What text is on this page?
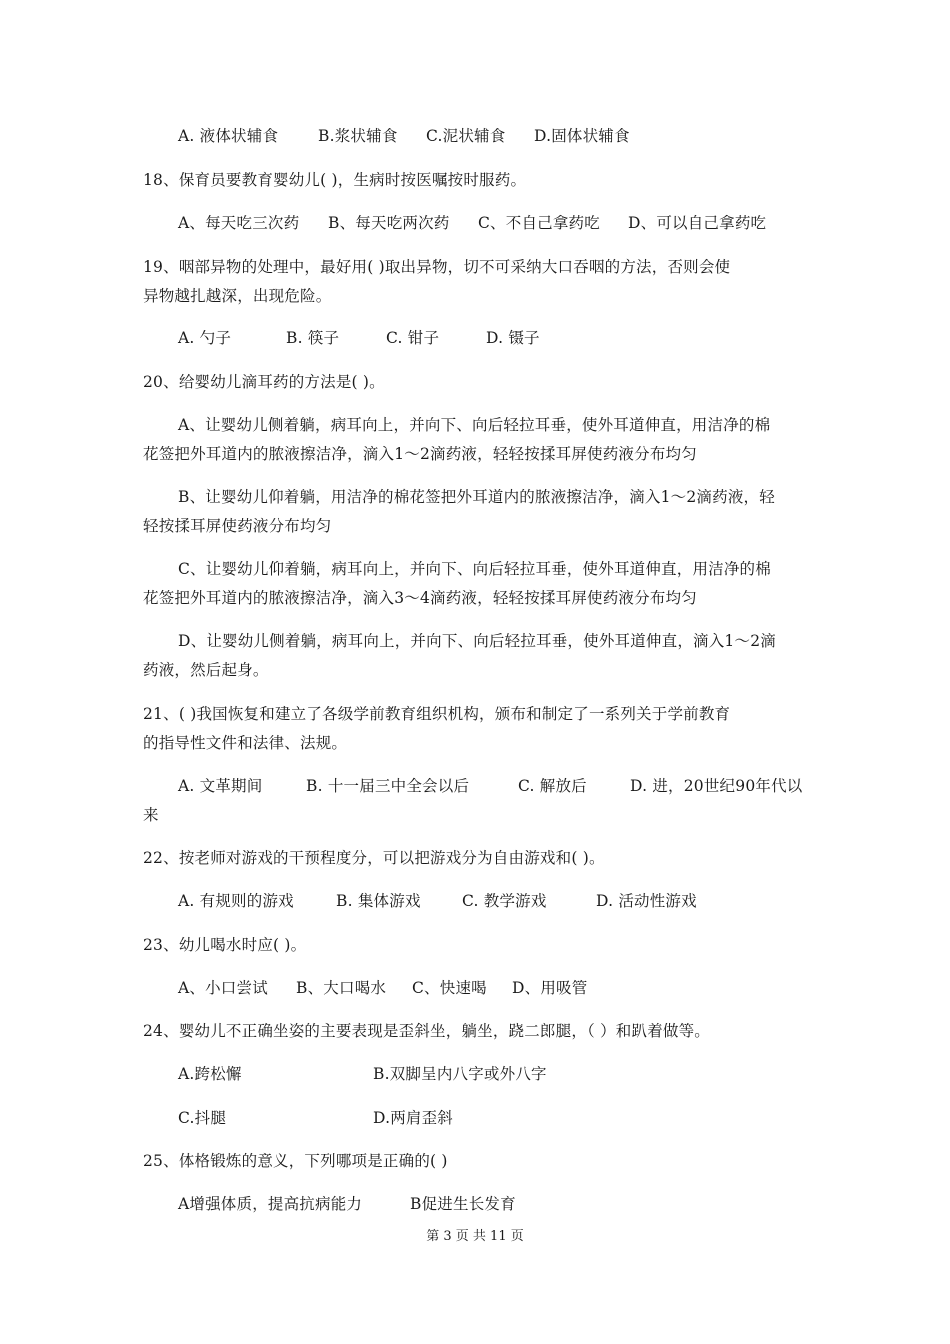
A. 液体状辅食	B.浆状辅食 C.泥状辅食 D.固体状辅食
18、保育员要教育婴幼儿( )，生病时按医嘱按时服药。
A、每天吃三次药 B、每天吃两次药 C、不自己拿药吃 D、可以自己拿药吃
19、咽部异物的处理中，最好用( )取出异物，切不可采纳大口吞咽的方法，否则会使
异物越扎越深，出现危险。
A. 勺子	B. 筷子	C. 钳子	D. 镊子
20、给婴幼儿滴耳药的方法是( )。
A、让婴幼儿侧着躺，病耳向上，并向下、向后轻拉耳垂，使外耳道伸直，用洁净的棉
花签把外耳道内的脓液擦洁净，滴入1～2滴药液，轻轻按揉耳屏使药液分布均匀
B、让婴幼儿仰着躺，用洁净的棉花签把外耳道内的脓液擦洁净，滴入1～2滴药液，轻
轻按揉耳屏使药液分布均匀
C、让婴幼儿仰着躺，病耳向上，并向下、向后轻拉耳垂，使外耳道伸直，用洁净的棉
花签把外耳道内的脓液擦洁净，滴入3～4滴药液，轻轻按揉耳屏使药液分布均匀
D、让婴幼儿侧着躺，病耳向上，并向下、向后轻拉耳垂，使外耳道伸直，滴入1～2滴
药液，然后起身。
21、( )我国恢复和建立了各级学前教育组织机构，颁布和制定了一系列关于学前教育
的指导性文件和法律、法规。
A. 文革期间	B. 十一届三中全会以后	C. 解放后	D. 进，20世纪90年代以
来
22、按老师对游戏的干预程度分，可以把游戏分为自由游戏和( )。
A. 有规则的游戏	B. 集体游戏	C. 教学游戏	D. 活动性游戏
23、幼儿喝水时应( )。
A、小口尝试 B、大口喝水 C、快速喝 D、用吸管
24、婴幼儿不正确坐姿的主要表现是歪斜坐，躺坐，跷二郎腿，（ ）和趴着做等。
A.跨松懈	B.双脚呈内八字或外八字
C.抖腿	D.两肩歪斜
25、体格锻炼的意义，下列哪项是正确的( )
A增强体质，提高抗病能力	B促进生长发育
第 3 页 共 11 页
